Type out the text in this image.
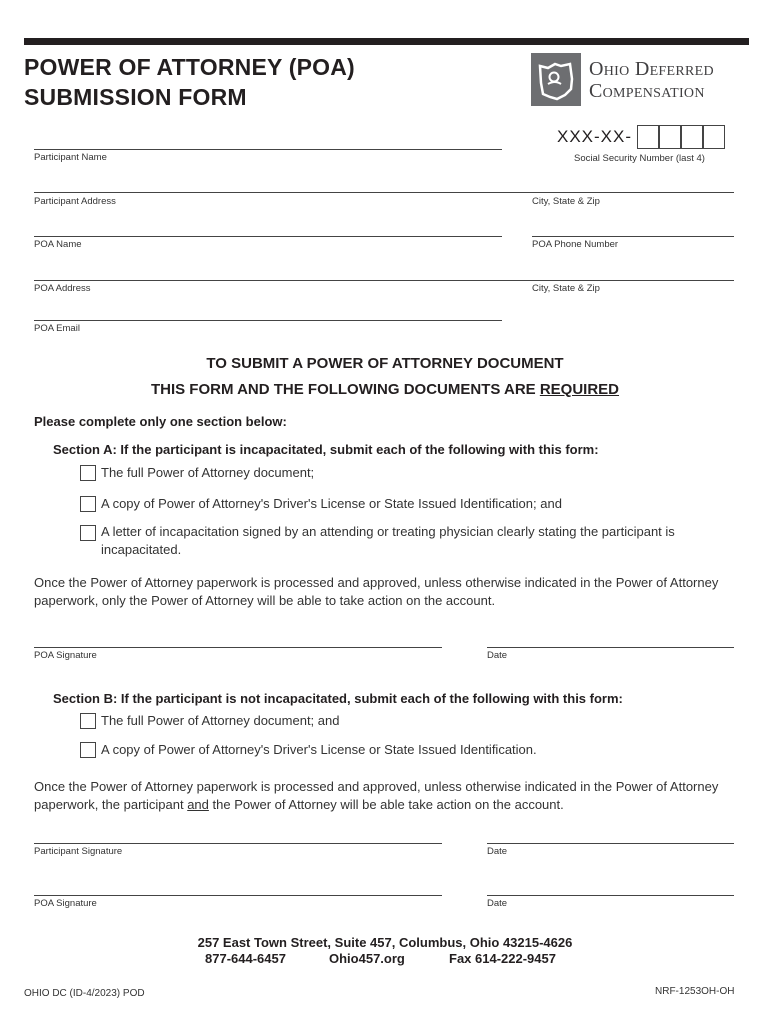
POWER OF ATTORNEY (POA)
SUBMISSION FORM
Ohio Deferred
Compensation
Participant Name
XXX-XX-
Social Security Number (last 4)
Participant Address	City, State & Zip
POA Name	POA Phone Number
POA Address	City, State & Zip
POA Email
TO SUBMIT A POWER OF ATTORNEY DOCUMENT
THIS FORM AND THE FOLLOWING DOCUMENTS ARE REQUIRED
Please complete only one section below:
Section A: If the participant is incapacitated, submit each of the following with this form:
The full Power of Attorney document;
A copy of Power of Attorney's Driver's License or State Issued Identification; and
A letter of incapacitation signed by an attending or treating physician clearly stating the participant is incapacitated.
Once the Power of Attorney paperwork is processed and approved, unless otherwise indicated in the Power of Attorney paperwork, only the Power of Attorney will be able to take action on the account.
POA Signature	Date
Section B: If the participant is not incapacitated, submit each of the following with this form:
The full Power of Attorney document; and
A copy of Power of Attorney's Driver's License or State Issued Identification.
Once the Power of Attorney paperwork is processed and approved, unless otherwise indicated in the Power of Attorney paperwork, the participant and the Power of Attorney will be able take action on the account.
Participant Signature	Date
POA Signature	Date
257 East Town Street, Suite 457, Columbus, Ohio 43215-4626
877-644-6457	Ohio457.org	Fax 614-222-9457
OHIO DC (ID-4/2023) POD	NRF-1253OH-OH
